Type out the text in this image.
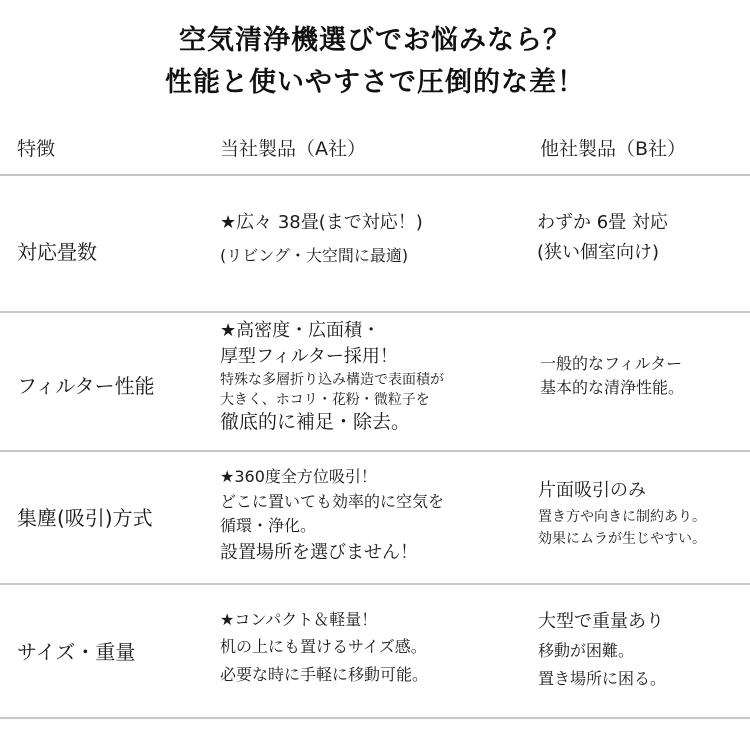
空気清浄機選びでお悩みなら？
性能と使いやすさで圧倒的な差！
特徴	当社製品（A社）	他社製品（B社）
対応畳数
★広々 38畳(まで対応！)
(リビング・大空間に最適)
わずか 6畳 対応
(狭い個室向け)
フィルター性能
★高密度・広面積・
厚型フィルター採用！
特殊な多層折り込み構造で表面積が
大きく、ホコリ・花粉・微粒子を
徹底的に補足・除去。
一般的なフィルター
基本的な清浄性能。
集塵(吸引)方式
★360度全方位吸引！
どこに置いても効率的に空気を
循環・浄化。
設置場所を選びません！
片面吸引のみ
置き方や向きに制約あり。
効果にムラが生じやすい。
サイズ・重量
★コンパクト＆軽量！
机の上にも置けるサイズ感。
必要な時に手軽に移動可能。
大型で重量あり
移動が困難。
置き場所に困る。
